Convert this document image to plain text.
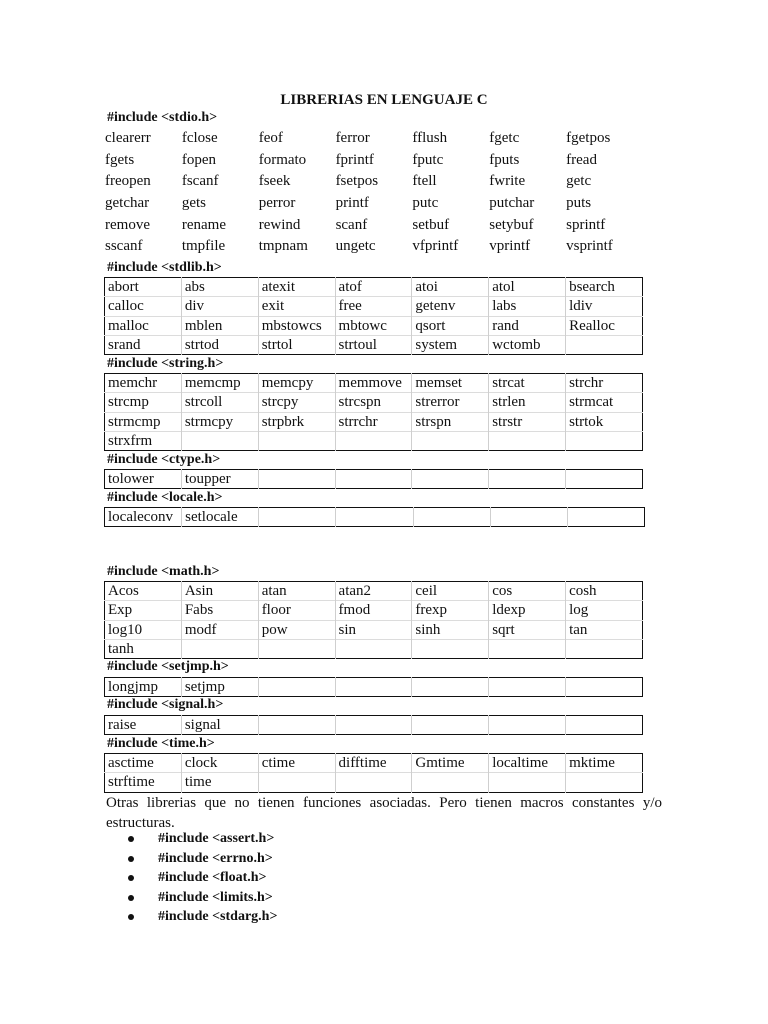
LIBRERIAS EN LENGUAJE C
#include <stdio.h>
clearerr	fclose	feof	ferror	fflush	fgetc	fgetpos
fgets	fopen	formato	fprintf	fputc	fputs	fread
freopen	fscanf	fseek	fsetpos	ftell	fwrite	getc
getchar	gets	perror	printf	putc	putchar	puts
remove	rename	rewind	scanf	setbuf	setybuf	sprintf
sscanf	tmpfile	tmpnam	ungetc	vfprintf	vprintf	vsprintf
#include <stdlib.h>
abort	abs	atexit	atof	atoi	atol	bsearch
calloc	div	exit	free	getenv	labs	ldiv
malloc	mblen	mbstowcs	mbtowc	qsort	rand	Realloc
srand	strtod	strtol	strtoul	system	wctomb	
#include <string.h>
memchr	memcmp	memcpy	memmove	memset	strcat	strchr
strcmp	strcoll	strcpy	strcspn	strerror	strlen	strmcat
strmcmp	strmcpy	strpbrk	strrchr	strspn	strstr	strtok
strxfrm						
#include <ctype.h>
tolower	toupper					
#include <locale.h>
localeconv	setlocale					
#include <math.h>
Acos	Asin	atan	atan2	ceil	cos	cosh
Exp	Fabs	floor	fmod	frexp	ldexp	log
log10	modf	pow	sin	sinh	sqrt	tan
tanh						
#include <setjmp.h>
longjmp	setjmp					
#include <signal.h>
raise	signal					
#include <time.h>
asctime	clock	ctime	difftime	Gmtime	localtime	mktime
strftime	time					
Otras librerias que no tienen funciones asociadas. Pero tienen macros constantes y/o estructuras.
#include <assert.h>
#include <errno.h>
#include <float.h>
#include <limits.h>
#include <stdarg.h>
